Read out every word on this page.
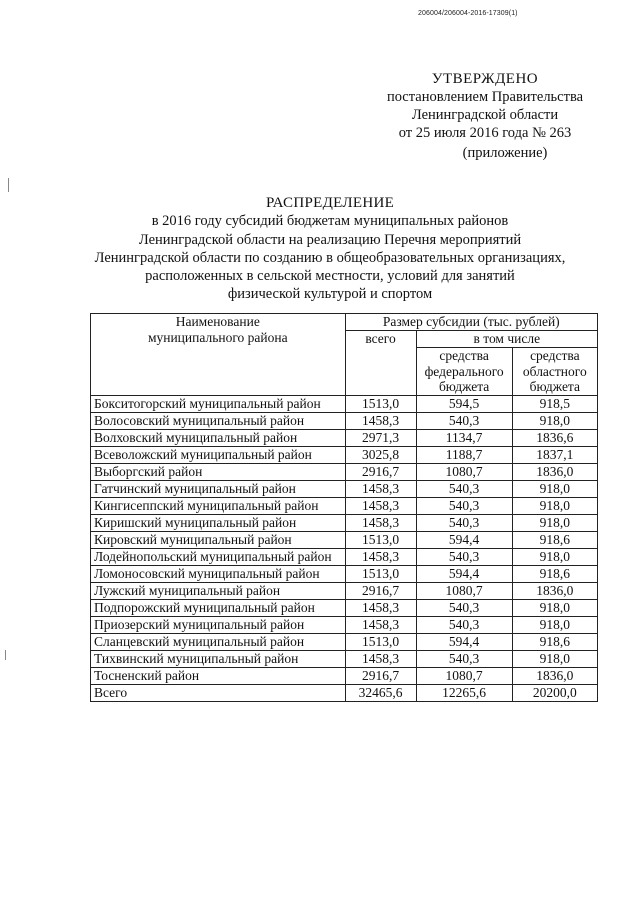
206004/206004-2016-17309(1)
УТВЕРЖДЕНО
постановлением Правительства
Ленинградской области
от 25 июля 2016 года № 263
(приложение)
РАСПРЕДЕЛЕНИЕ
в 2016 году субсидий бюджетам муниципальных районов
Ленинградской области на реализацию Перечня мероприятий
Ленинградской области по созданию в общеобразовательных организациях,
расположенных в сельской местности, условий для занятий
физической культурой и спортом
Наименование муниципального района	Размер субсидии (тыс. рублей)		
	всего	в том числе	
		средства федерального бюджета	средства областного бюджета
Бокситогорский муниципальный район	1513,0	594,5	918,5
Волосовский муниципальный район	1458,3	540,3	918,0
Волховский муниципальный район	2971,3	1134,7	1836,6
Всеволожский муниципальный район	3025,8	1188,7	1837,1
Выборгский район	2916,7	1080,7	1836,0
Гатчинский муниципальный район	1458,3	540,3	918,0
Кингисеппский муниципальный район	1458,3	540,3	918,0
Киришский муниципальный район	1458,3	540,3	918,0
Кировский муниципальный район	1513,0	594,4	918,6
Лодейнопольский муниципальный район	1458,3	540,3	918,0
Ломоносовский муниципальный район	1513,0	594,4	918,6
Лужский муниципальный район	2916,7	1080,7	1836,0
Подпорожский муниципальный район	1458,3	540,3	918,0
Приозерский муниципальный район	1458,3	540,3	918,0
Сланцевский муниципальный район	1513,0	594,4	918,6
Тихвинский муниципальный район	1458,3	540,3	918,0
Тосненский район	2916,7	1080,7	1836,0
Всего	32465,6	12265,6	20200,0
